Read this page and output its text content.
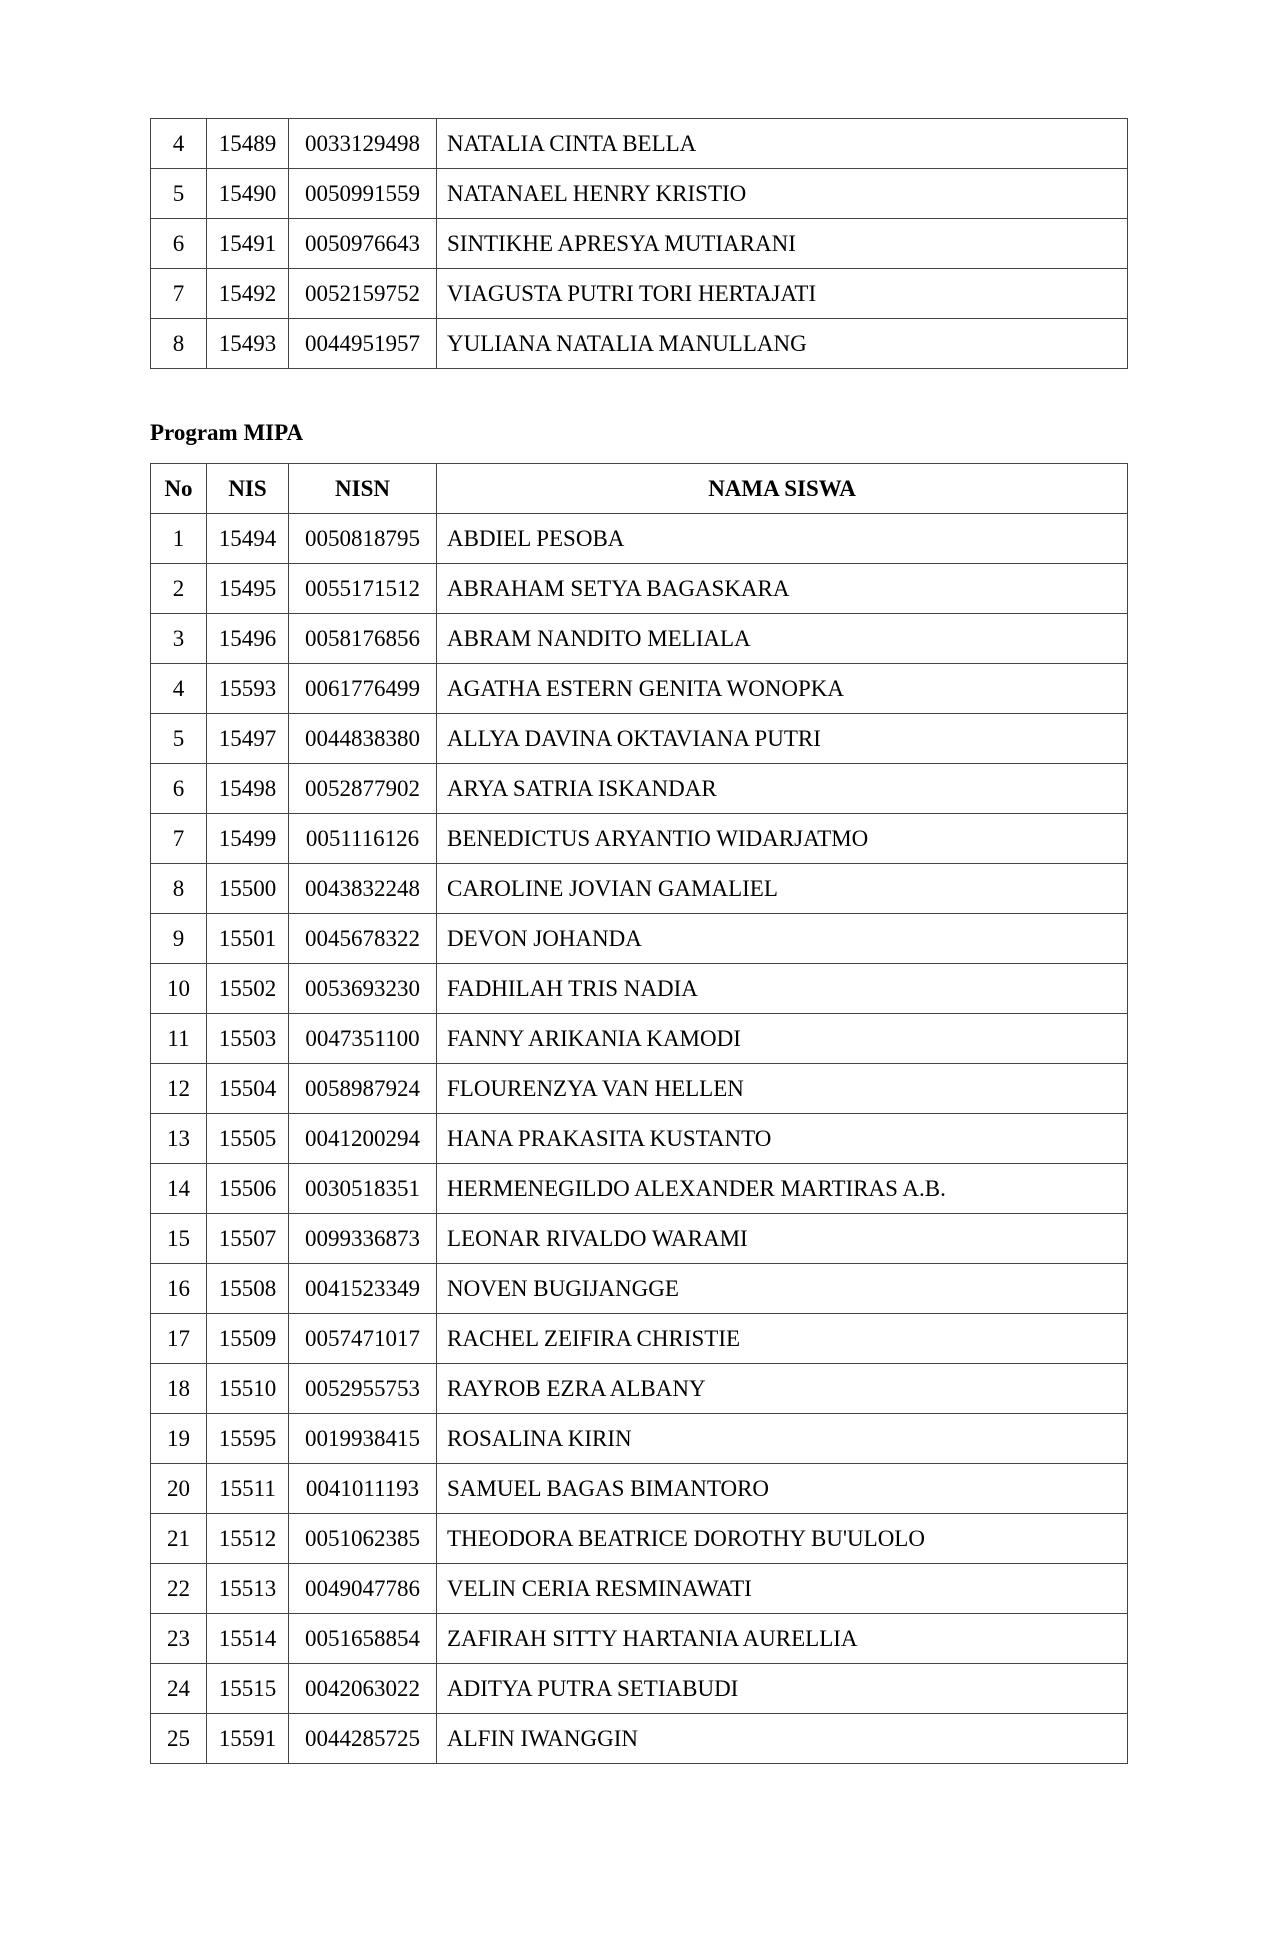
4	15489	0033129498	NATALIA CINTA BELLA
5	15490	0050991559	NATANAEL HENRY KRISTIO
6	15491	0050976643	SINTIKHE APRESYA MUTIARANI
7	15492	0052159752	VIAGUSTA PUTRI TORI HERTAJATI
8	15493	0044951957	YULIANA NATALIA MANULLANG
Program MIPA
No	NIS	NISN	NAMA SISWA
1	15494	0050818795	ABDIEL PESOBA
2	15495	0055171512	ABRAHAM SETYA BAGASKARA
3	15496	0058176856	ABRAM NANDITO MELIALA
4	15593	0061776499	AGATHA ESTERN GENITA WONOPKA
5	15497	0044838380	ALLYA DAVINA OKTAVIANA PUTRI
6	15498	0052877902	ARYA SATRIA ISKANDAR
7	15499	0051116126	BENEDICTUS ARYANTIO WIDARJATMO
8	15500	0043832248	CAROLINE JOVIAN GAMALIEL
9	15501	0045678322	DEVON JOHANDA
10	15502	0053693230	FADHILAH TRIS NADIA
11	15503	0047351100	FANNY ARIKANIA KAMODI
12	15504	0058987924	FLOURENZYA VAN HELLEN
13	15505	0041200294	HANA PRAKASITA KUSTANTO
14	15506	0030518351	HERMENEGILDO ALEXANDER MARTIRAS A.B.
15	15507	0099336873	LEONAR RIVALDO WARAMI
16	15508	0041523349	NOVEN BUGIJANGGE
17	15509	0057471017	RACHEL ZEIFIRA CHRISTIE
18	15510	0052955753	RAYROB EZRA ALBANY
19	15595	0019938415	ROSALINA KIRIN
20	15511	0041011193	SAMUEL BAGAS BIMANTORO
21	15512	0051062385	THEODORA BEATRICE DOROTHY BU'ULOLO
22	15513	0049047786	VELIN CERIA RESMINAWATI
23	15514	0051658854	ZAFIRAH SITTY HARTANIA AURELLIA
24	15515	0042063022	ADITYA PUTRA SETIABUDI
25	15591	0044285725	ALFIN IWANGGIN
